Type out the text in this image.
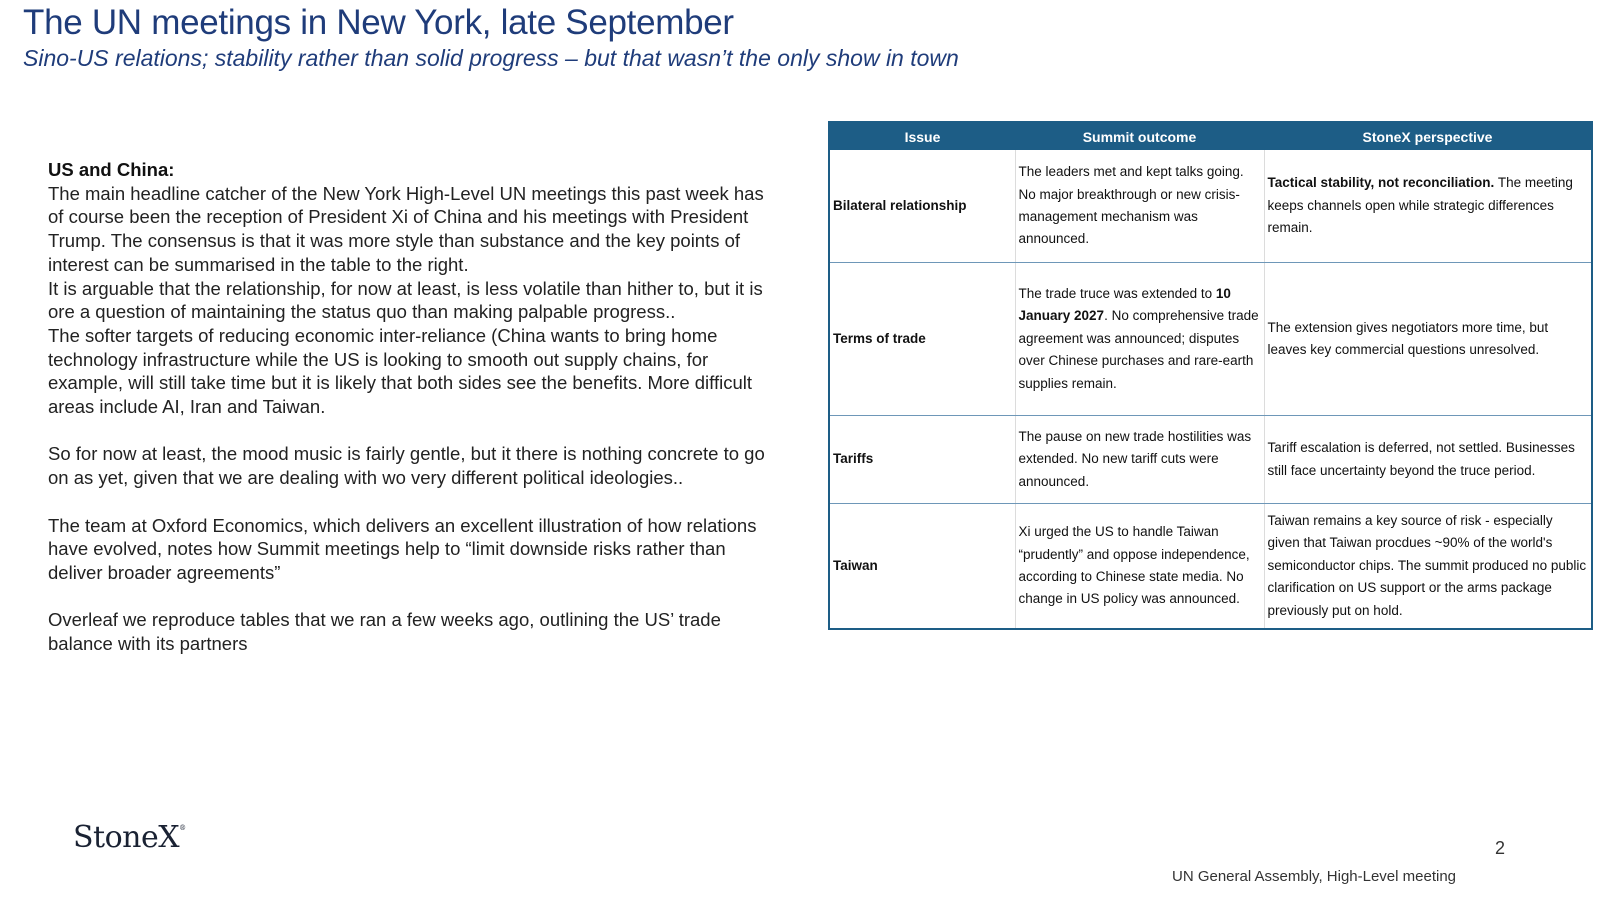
The UN meetings in New York, late September
Sino-US relations; stability rather than solid progress – but that wasn’t the only show in town

US and China:

The main headline catcher of the New York High-Level UN meetings this past week has of course been the reception of President Xi of China and his meetings with President Trump. The consensus is that it was more style than substance and the key points of interest can be summarised in the table to the right.

It is arguable that the relationship, for now at least, is less volatile than hither to, but it is ore a question of maintaining the status quo than making palpable progress..

The softer targets of reducing economic inter-reliance (China wants to bring home technology infrastructure while the US is looking to smooth out supply chains, for example, will still take time but it is likely that both sides see the benefits. More difficult areas include AI, Iran and Taiwan.

So for now at least, the mood music is fairly gentle, but it there is nothing concrete to go on as yet, given that we are dealing with wo very different political ideologies..

The team at Oxford Economics, which delivers an excellent illustration of how relations have evolved, notes how Summit meetings help to “limit downside risks rather than deliver broader agreements”

Overleaf we reproduce tables that we ran a few weeks ago, outlining the US’ trade balance with its partners

Issue	Summit outcome	StoneX perspective
Bilateral relationship	The leaders met and kept talks going. No major breakthrough or new crisis-management mechanism was announced.	Tactical stability, not reconciliation. The meeting keeps channels open while strategic differences remain.
Terms of trade	The trade truce was extended to 10 January 2027. No comprehensive trade agreement was announced; disputes over Chinese purchases and rare-earth supplies remain.	The extension gives negotiators more time, but leaves key commercial questions unresolved.
Tariffs	The pause on new trade hostilities was extended. No new tariff cuts were announced.	Tariff escalation is deferred, not settled. Businesses still face uncertainty beyond the truce period.
Taiwan	Xi urged the US to handle Taiwan “prudently” and oppose independence, according to Chinese state media. No change in US policy was announced.	Taiwan remains a key source of risk - especially given that Taiwan procdues ~90% of the world's semiconductor chips. The summit produced no public clarification on US support or the arms package previously put on hold.
StoneX®
2
UN General Assembly, High-Level meeting
